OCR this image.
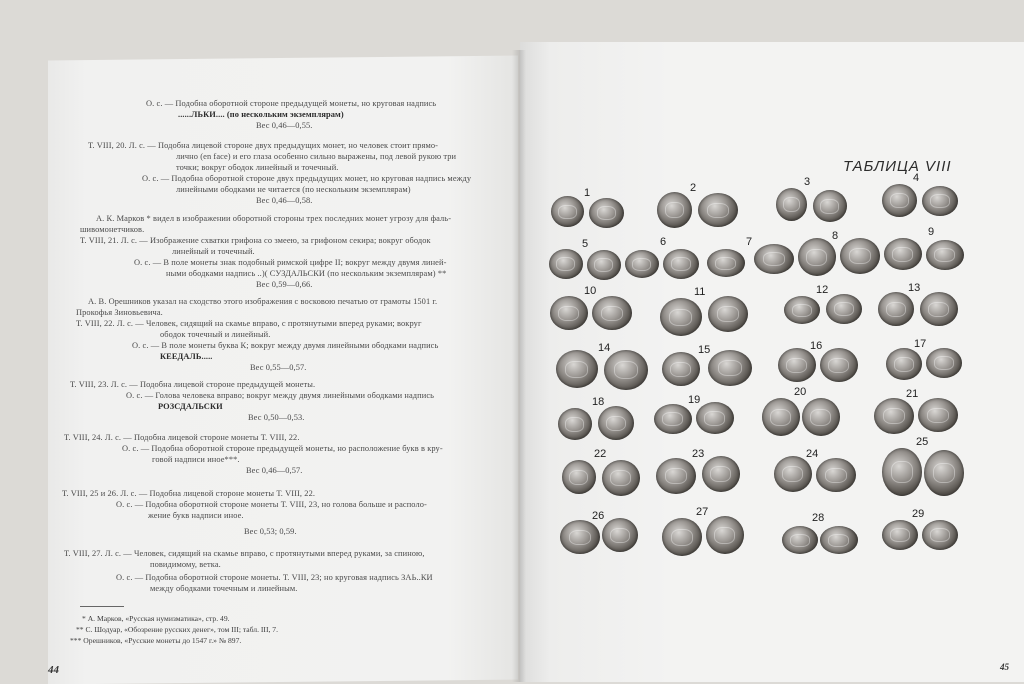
О. с. — Подобна оборотной стороне предыдущей монеты, но круговая надпись
......ЛЬКИ.... (по нескольким экземплярам)
Вес 0,46—0,55.
Т. VIII, 20. Л. с. — Подобна лицевой стороне двух предыдущих монет, но человек стоит прямо-
лично (en face) и его глаза особенно сильно выражены, под левой рукою три
точки; вокруг ободок линейный и точечный.
О. с. — Подобна оборотной стороне двух предыдущих монет, но круговая надпись между
линейными ободками не читается (по нескольким экземплярам)
Вес 0,46—0,58.
А. К. Марков * видел в изображении оборотной стороны трех последних монет угрозу для фаль-
шивомонетчиков.
Т. VIII, 21. Л. с. — Изображение схватки грифона со змеею, за грифоном секира; вокруг ободок
линейный и точечный.
О. с. — В поле монеты знак подобный римской цифре II; вокруг между двумя линей-
ными ободками надпись ..)( СУЗДАЛЬСКИ (по нескольким экземплярам) **
Вес 0,59—0,66.
А. В. Орешников указал на сходство этого изображения с восковою печатью от грамоты 1501 г.
Прокофья Зиновьевича.
Т. VIII, 22. Л. с. — Человек, сидящий на скамье вправо, с протянутыми вперед руками; вокруг
ободок точечный и линейный.
О. с. — В поле монеты буква К; вокруг между двумя линейными ободками надпись
КЕЕДАЛЬ.....
Вес 0,55—0,57.
Т. VIII, 23. Л. с. — Подобна лицевой стороне предыдущей монеты.
О. с. — Голова человека вправо; вокруг между двумя линейными ободками надпись
РОЗСДАЛЬСКИ
Вес 0,50—0,53.
Т. VIII, 24. Л. с. — Подобна лицевой стороне монеты Т. VIII, 22.
О. с. — Подобна оборотной стороне предыдущей монеты, но расположение букв в кру-
говой надписи иное***.
Вес 0,46—0,57.
Т. VIII, 25 и 26. Л. с. — Подобна лицевой стороне монеты Т. VIII, 22.
О. с. — Подобна оборотной стороне монеты Т. VIII, 23, но голова больше и располо-
жение букв надписи иное.
Вес 0,53; 0,59.
Т. VIII, 27. Л. с. — Человек, сидящий на скамье вправо, с протянутыми вперед руками, за спиною,
повидимому, ветка.
О. с. — Подобна оборотной стороне монеты. Т. VIII, 23; но круговая надпись ЗАЬ..КИ
между ободками точечным и линейным.
* А. Марков, «Русская нумизматика», стр. 49.
** С. Шодуар, «Обозрение русских денег», том III; табл. III, 7.
*** Орешников, «Русские монеты до 1547 г.» № 897.
44
ТАБЛИЦА VIII
1	2	3	4
5	6	7	8	9
10	11	12	13
14	15	16	17
18	19
20	21
22	23	24
25
26	27	28	29
45
